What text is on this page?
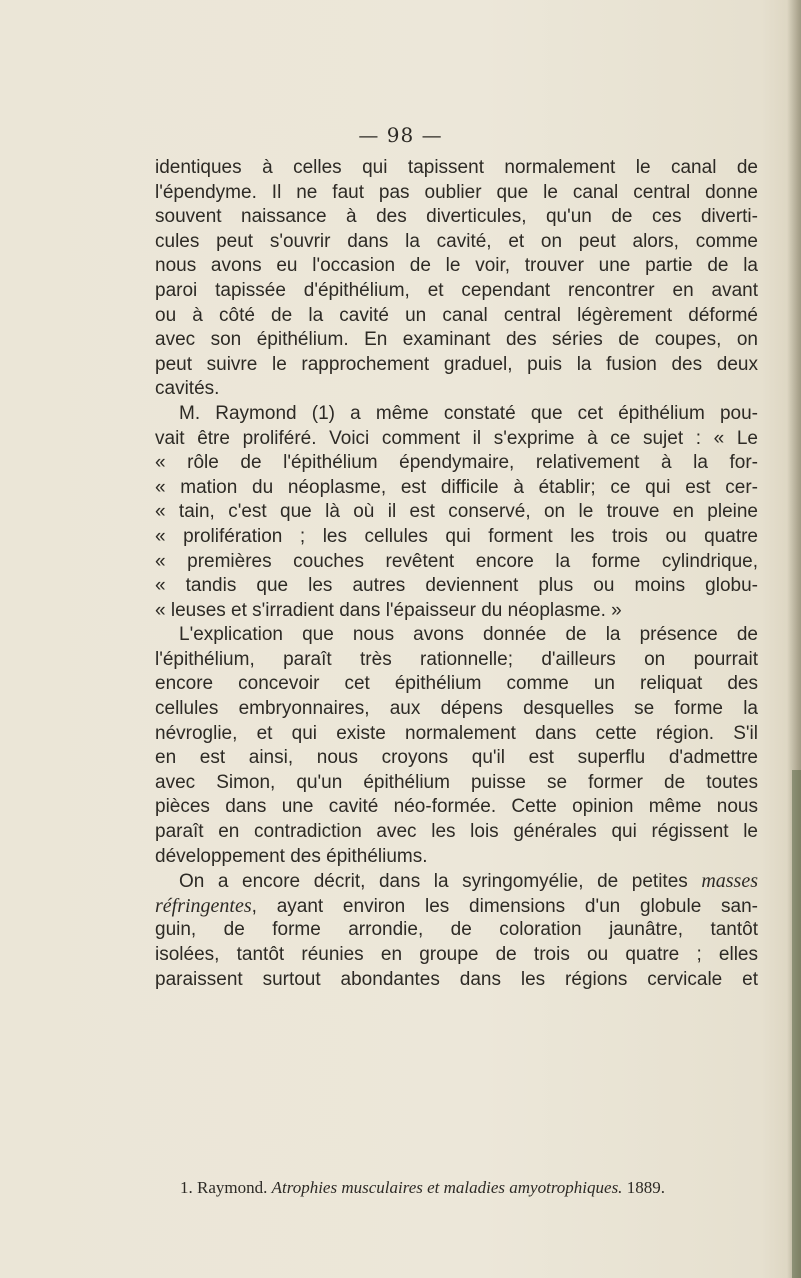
— 98 —
identiques à celles qui tapissent normalement le canal de
l'épendyme. Il ne faut pas oublier que le canal central donne
souvent naissance à des diverticules, qu'un de ces diverti-
cules peut s'ouvrir dans la cavité, et on peut alors, comme
nous avons eu l'occasion de le voir, trouver une partie de la
paroi tapissée d'épithélium, et cependant rencontrer en avant
ou à côté de la cavité un canal central légèrement déformé
avec son épithélium. En examinant des séries de coupes, on
peut suivre le rapprochement graduel, puis la fusion des deux
cavités.
M. Raymond (1) a même constaté que cet épithélium pou-
vait être proliféré. Voici comment il s'exprime à ce sujet : « Le
« rôle de l'épithélium épendymaire, relativement à la for-
« mation du néoplasme, est difficile à établir; ce qui est cer-
« tain, c'est que là où il est conservé, on le trouve en pleine
« prolifération ; les cellules qui forment les trois ou quatre
« premières couches revêtent encore la forme cylindrique,
« tandis que les autres deviennent plus ou moins globu-
« leuses et s'irradient dans l'épaisseur du néoplasme. »
L'explication que nous avons donnée de la présence de
l'épithélium, paraît très rationnelle; d'ailleurs on pourrait
encore concevoir cet épithélium comme un reliquat des
cellules embryonnaires, aux dépens desquelles se forme la
névroglie, et qui existe normalement dans cette région. S'il
en est ainsi, nous croyons qu'il est superflu d'admettre
avec Simon, qu'un épithélium puisse se former de toutes
pièces dans une cavité néo-formée. Cette opinion même nous
paraît en contradiction avec les lois générales qui régissent le
développement des épithéliums.
On a encore décrit, dans la syringomyélie, de petites masses
réfringentes, ayant environ les dimensions d'un globule san-
guin, de forme arrondie, de coloration jaunâtre, tantôt
isolées, tantôt réunies en groupe de trois ou quatre ; elles
paraissent surtout abondantes dans les régions cervicale et
1. Raymond. Atrophies musculaires et maladies amyotrophiques. 1889.
